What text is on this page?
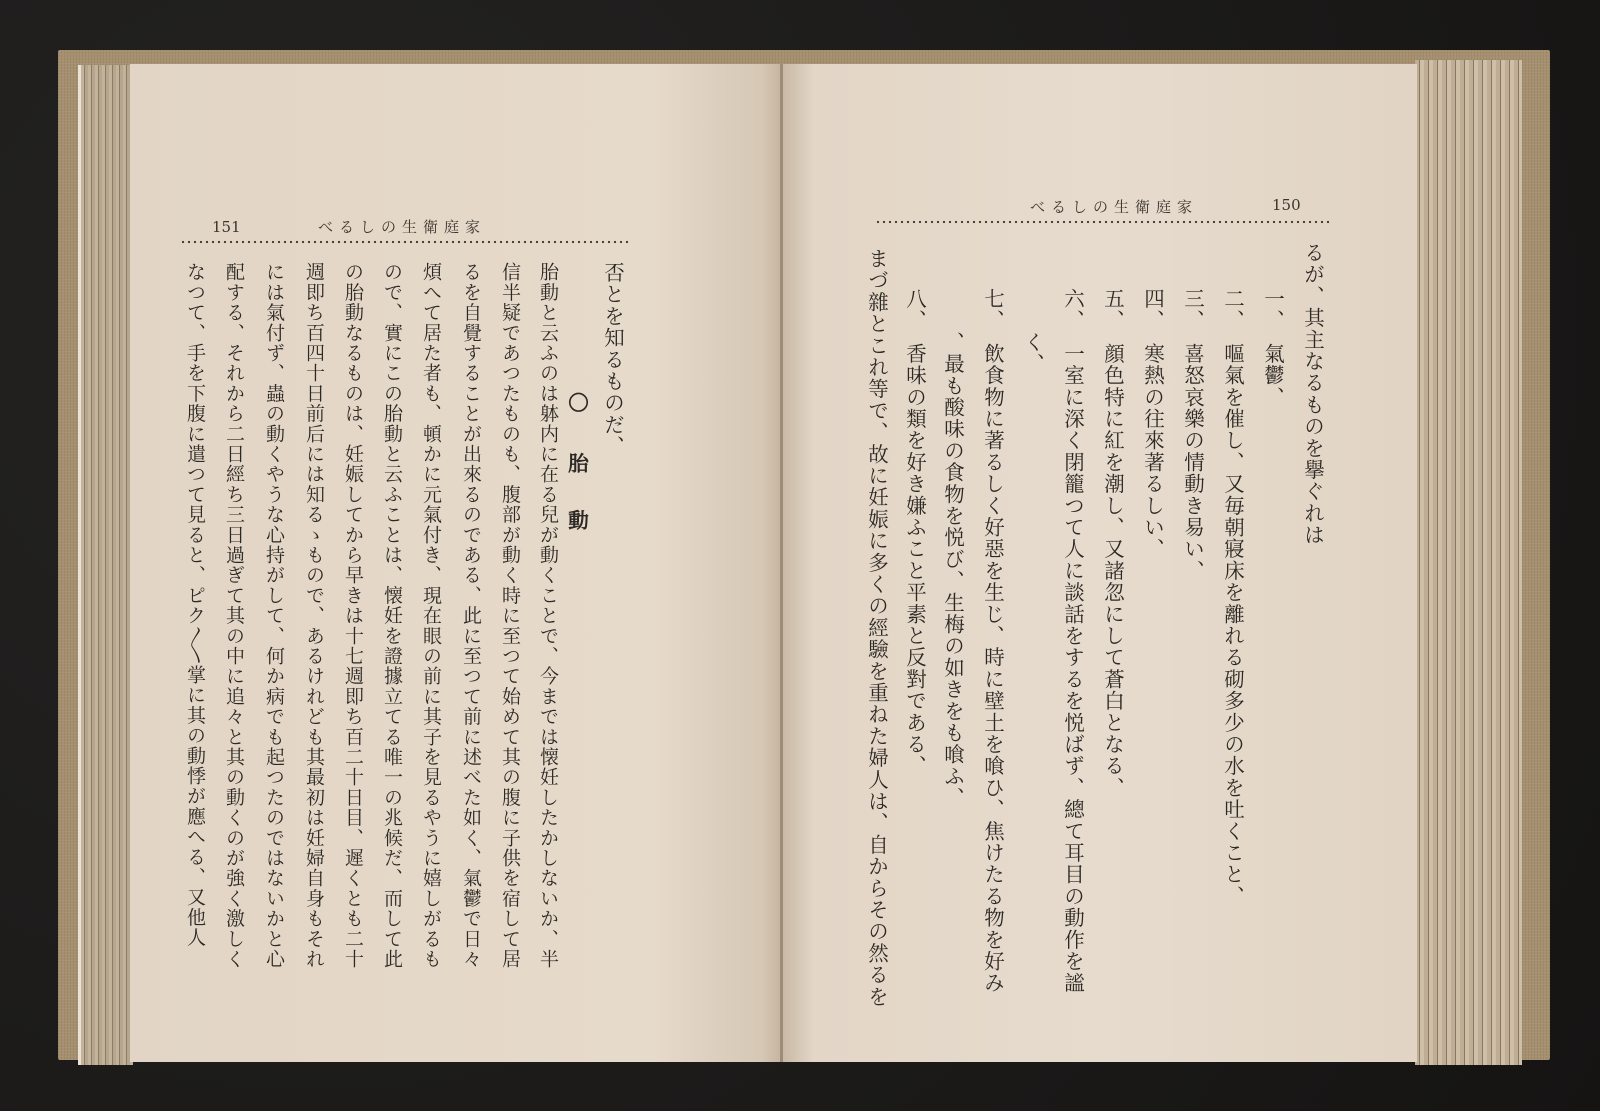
151	べるしの生衛庭家
150
べるしの生衛庭家
否とを知るものだ、
〇 胎　動
胎動と云ふのは躰内に在る兒が動くことで、今までは懐妊したかしないか、半
信半疑であつたものも、腹部が動く時に至つて始めて其の腹に子供を宿して居
るを自覺することが出來るのである、此に至つて前に述べた如く、氣鬱で日々
煩へて居た者も、頓かに元氣付き、現在眼の前に其子を見るやうに嬉しがるも
ので、實にこの胎動と云ふことは、懐妊を證據立てる唯一の兆候だ、而して此
の胎動なるものは、妊娠してから早きは十七週即ち百二十日目、遲くとも二十
週即ち百四十日前后には知るゝもので、あるけれども其最初は妊婦自身もそれ
には氣付ず、蟲の動くやうな心持がして、何か病でも起つたのではないかと心
配する、それから二日經ち三日過ぎて其の中に追々と其の動くのが強く激しく
なつて、手を下腹に遣つて見ると、ピク〳〵掌に其の動悸が應へる、又他人	るが、其主なるものを擧ぐれは
一、　氣鬱、
二、　嘔氣を催し、又毎朝寢床を離れる砌多少の水を吐くこと、
三、　喜怒哀樂の情動き易い、
四、　寒熱の往來著るしい、
五、　顔色特に紅を潮し、又諸忽にして蒼白となる、
六、　一室に深く閉籠つて人に談話をするを悦ばず、總て耳目の動作を謐
　　く、
七、　飲食物に著るしく好惡を生じ、時に壁土を喰ひ、焦けたる物を好み
　　、最も酸味の食物を悦び、生梅の如きをも喰ふ、
八、　香味の類を好き嫌ふこと平素と反對である、
まづ雜とこれ等で、故に妊娠に多くの經驗を重ねた婦人は、自からその然るを
